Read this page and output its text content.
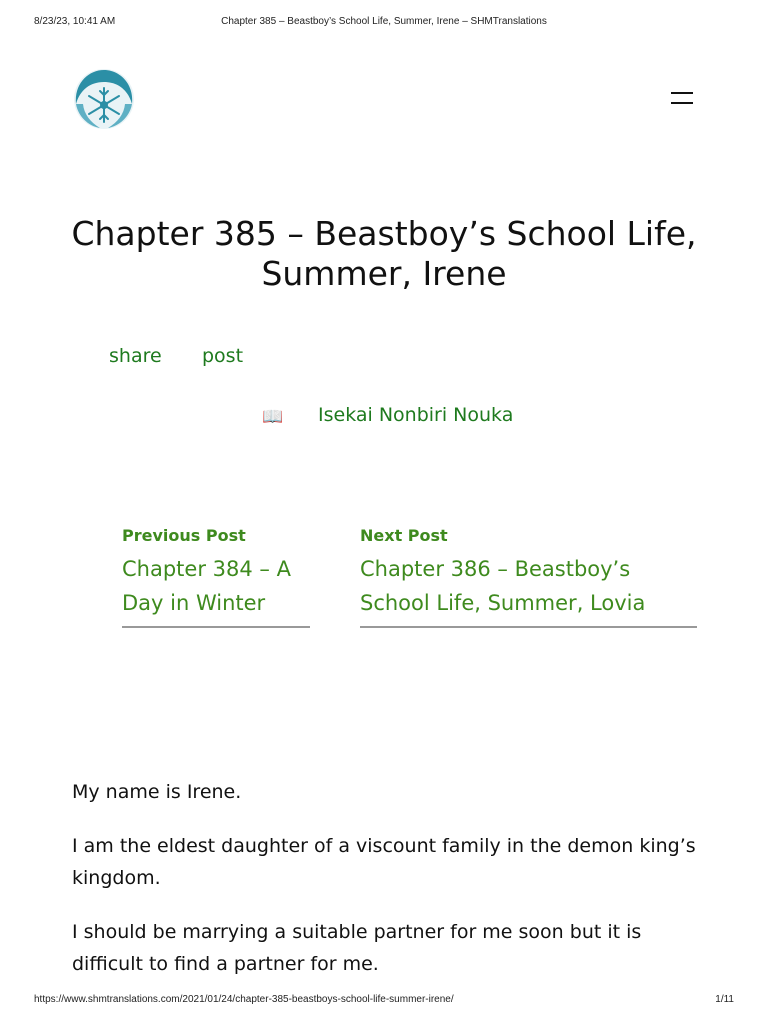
8/23/23, 10:41 AM	Chapter 385 – Beastboy’s School Life, Summer, Irene – SHMTranslations
Chapter 385 – Beastboy’s School Life, Summer, Irene
share post
📖 Isekai Nonbiri Nouka

Previous Post

Chapter 384 – A Day in Winter

Next Post

Chapter 386 – Beastboy’s School Life, Summer, Lovia

My name is Irene.

I am the eldest daughter of a viscount family in the demon king’s kingdom.

I should be marrying a suitable partner for me soon but it is difficult to find a partner for me.

https://www.shmtranslations.com/2021/01/24/chapter-385-beastboys-school-life-summer-irene/	1/11
